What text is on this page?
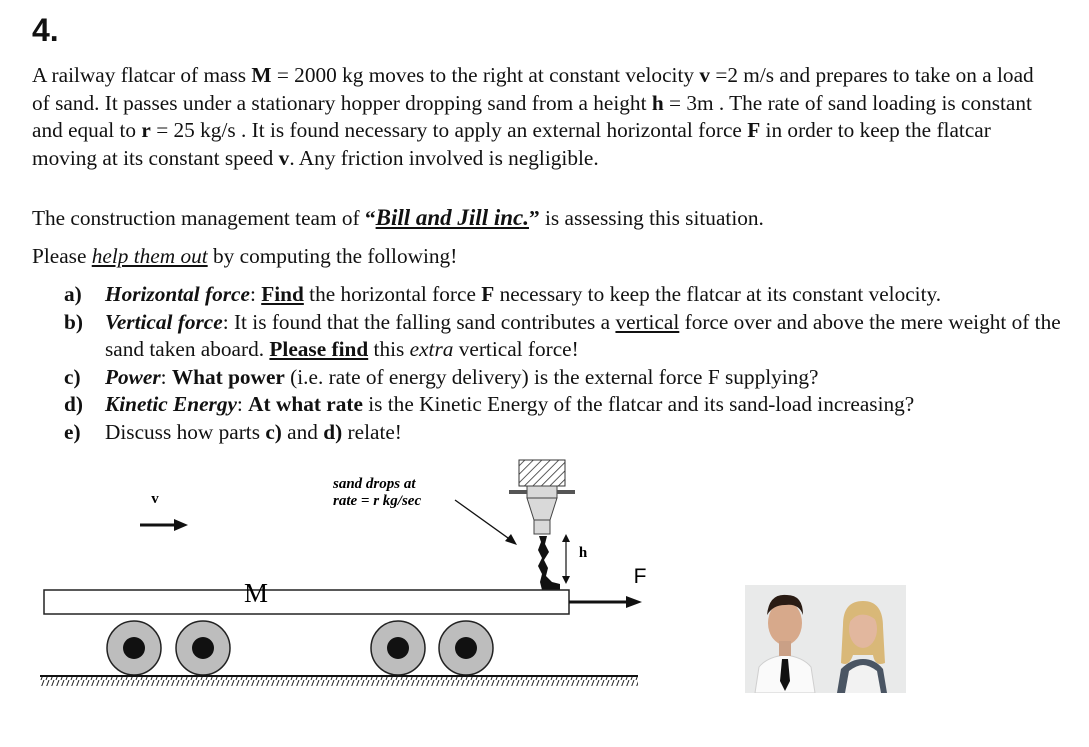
4.
A railway flatcar of mass M = 2000 kg moves to the right at constant velocity v =2 m/s and prepares to take on a load of sand. It passes under a stationary hopper dropping sand from a height h = 3m . The rate of sand loading is constant and equal to r = 25 kg/s . It is found necessary to apply an external horizontal force F in order to keep the flatcar moving at its constant speed v. Any friction involved is negligible.
The construction management team of “Bill and Jill inc.” is assessing this situation.
Please help them out by computing the following!
a) Horizontal force: Find the horizontal force F necessary to keep the flatcar at its constant velocity.
b) Vertical force: It is found that the falling sand contributes a vertical force over and above the mere weight of the sand taken aboard. Please find this extra vertical force!
c) Power: What power (i.e. rate of energy delivery) is the external force F supplying?
d) Kinetic Energy: At what rate is the Kinetic Energy of the flatcar and its sand-load increasing?
e) Discuss how parts c) and d) relate!
v
sand drops at
rate = r kg/sec
h
M
F
